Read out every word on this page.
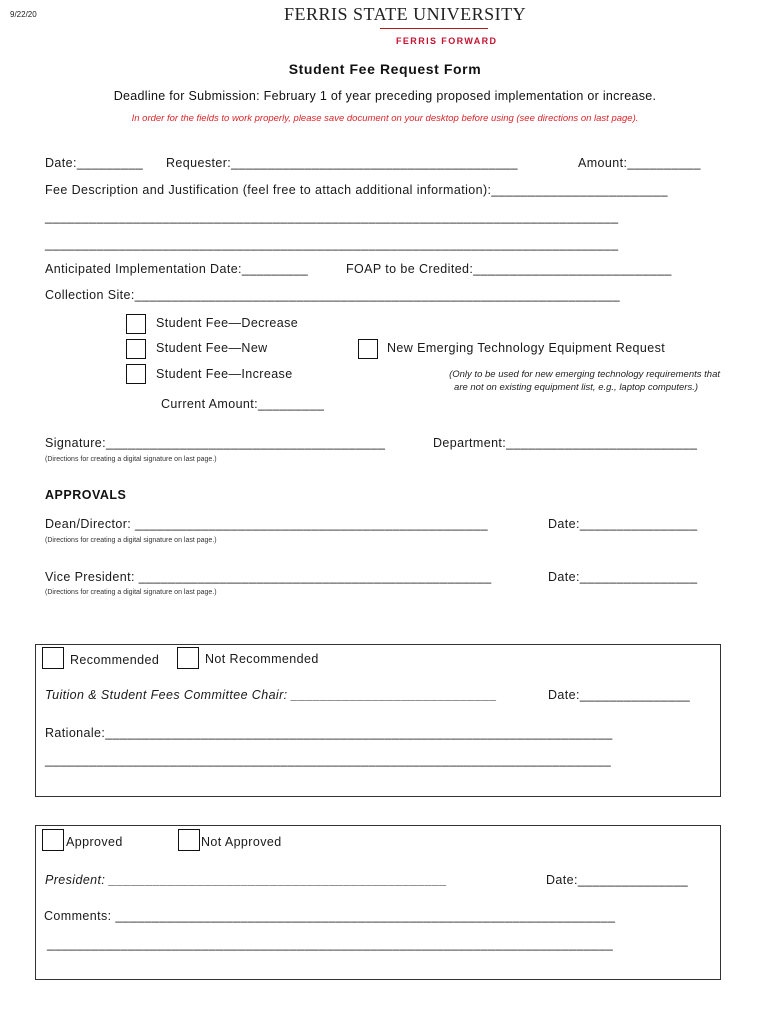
9/22/20	FERRIS STATE UNIVERSITY
FERRIS FORWARD
Student Fee Request Form
Deadline for Submission: February 1 of year preceding proposed implementation or increase.
In order for the fields to work properly, please save document on your desktop before using (see directions on last page).
Date:_________ Requester:_______________________________________	Amount:__________
Fee Description and Justification (feel free to attach additional information):________________________
______________________________________________________________________________
______________________________________________________________________________
Anticipated Implementation Date:_________	FOAP to be Credited:___________________________
Collection Site:__________________________________________________________________
Student Fee—Decrease
Student Fee—New
Student Fee—Increase
New Emerging Technology Equipment Request
(Only to be used for new emerging technology requirements that
are not on existing equipment list, e.g., laptop computers.)
Current Amount:_________
Signature:______________________________________	Department:__________________________
(Directions for creating a digital signature on last page.)
APPROVALS
Dean/Director: ________________________________________________	Date:________________
(Directions for creating a digital signature on last page.)
Vice President: ________________________________________________	Date:________________
(Directions for creating a digital signature on last page.)
Recommended	Not Recommended
Tuition & Student Fees Committee Chair: ____________________________	Date:_______________
Rationale:_____________________________________________________________________
_____________________________________________________________________________
Approved	Not Approved
President: ______________________________________________	Date:_______________
Comments: ____________________________________________________________________
_____________________________________________________________________________
